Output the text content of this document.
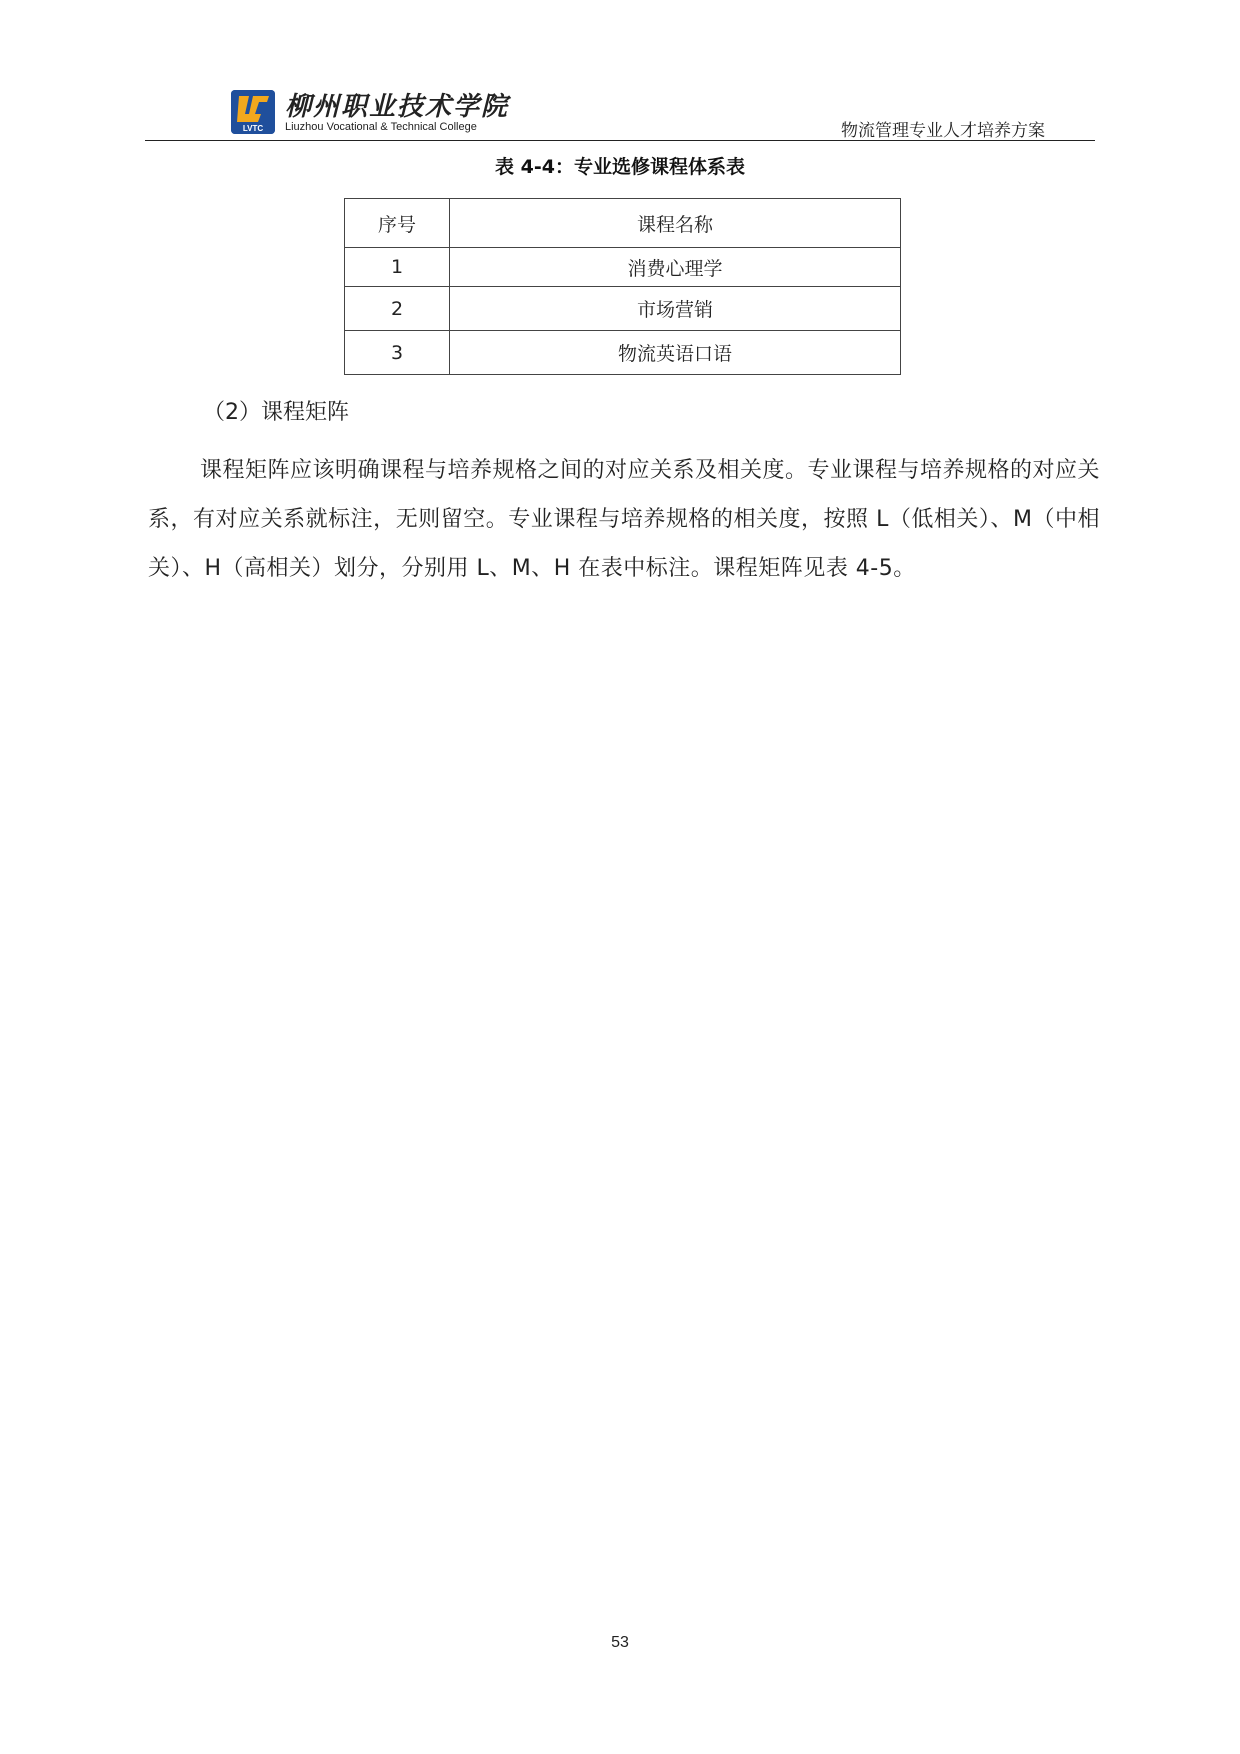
LVTC
柳州职业技术学院
Liuzhou Vocational & Technical College	物流管理专业人才培养方案
表 4-4：专业选修课程体系表
序号	课程名称
1	消费心理学
2	市场营销
3	物流英语口语
（2）课程矩阵

课程矩阵应该明确课程与培养规格之间的对应关系及相关度。专业课程与培养规格的对应关系，有对应关系就标注，无则留空。专业课程与培养规格的相关度，按照 L（低相关）、M（中相关）、H（高相关）划分，分别用 L、M、H 在表中标注。课程矩阵见表 4-5。

53
